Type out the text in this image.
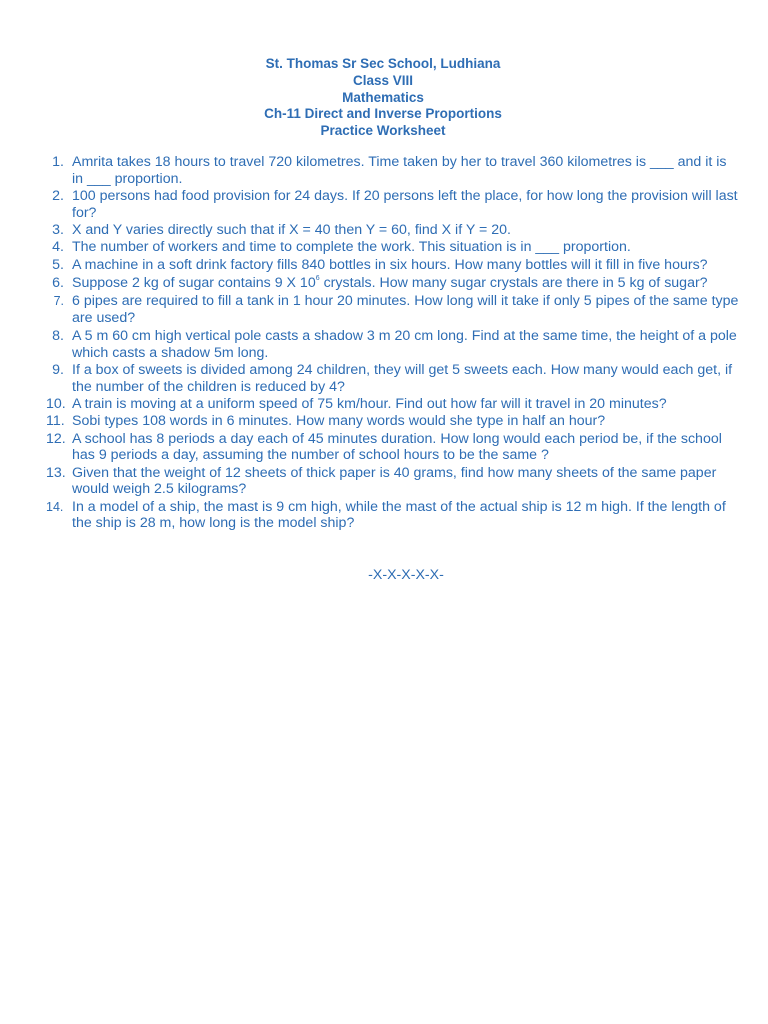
St. Thomas Sr Sec School, Ludhiana
Class VIII
Mathematics
Ch-11 Direct and Inverse Proportions
Practice Worksheet
1. Amrita takes 18 hours to travel 720 kilometres. Time taken by her to travel 360 kilometres is ___ and it is in ___ proportion.
2. 100 persons had food provision for 24 days. If 20 persons left the place, for how long the provision will last for?
3. X and Y varies directly such that if X = 40 then Y = 60, find X if Y = 20.
4. The number of workers and time to complete the work. This situation is in ___ proportion.
5. A machine in a soft drink factory fills 840 bottles in six hours. How many bottles will it fill in five hours?
6. Suppose 2 kg of sugar contains 9 X $10^6$ crystals. How many sugar crystals are there in 5 kg of sugar?
7. 6 pipes are required to fill a tank in 1 hour 20 minutes. How long will it take if only 5 pipes of the same type are used?
8. A 5 m 60 cm high vertical pole casts a shadow 3 m 20 cm long. Find at the same time, the height of a pole which casts a shadow 5m long.
9. If a box of sweets is divided among 24 children, they will get 5 sweets each. How many would each get, if the number of the children is reduced by 4?
10. A train is moving at a uniform speed of 75 km/hour. Find out how far will it travel in 20 minutes?
11. Sobi types 108 words in 6 minutes. How many words would she type in half an hour?
12. A school has 8 periods a day each of 45 minutes duration. How long would each period be, if the school has 9 periods a day, assuming the number of school hours to be the same ?
13. Given that the weight of 12 sheets of thick paper is 40 grams, find how many sheets of the same paper would weigh 2.5 kilograms?
14. In a model of a ship, the mast is 9 cm high, while the mast of the actual ship is 12 m high. If the length of the ship is 28 m, how long is the model ship?
-X-X-X-X-X-
